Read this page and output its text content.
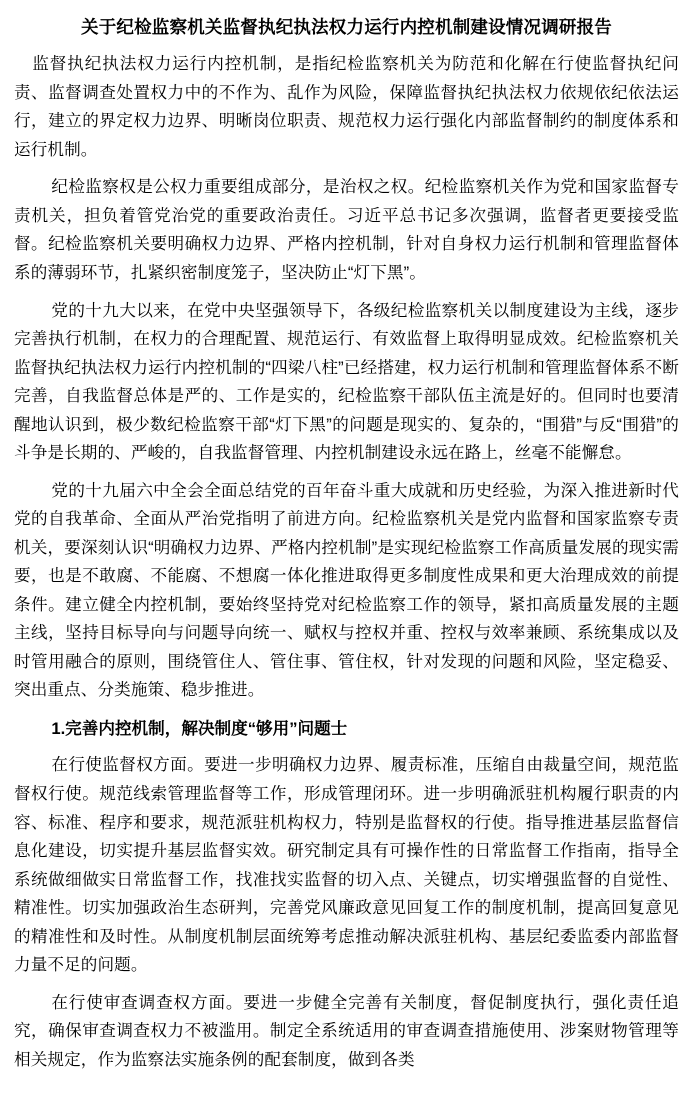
关于纪检监察机关监督执纪执法权力运行内控机制建设情况调研报告

监督执纪执法权力运行内控机制，是指纪检监察机关为防范和化解在行使监督执纪问责、监督调查处置权力中的不作为、乱作为风险，保障监督执纪执法权力依规依纪依法运行，建立的界定权力边界、明晰岗位职责、规范权力运行强化内部监督制约的制度体系和运行机制。

纪检监察权是公权力重要组成部分，是治权之权。纪检监察机关作为党和国家监督专责机关，担负着管党治党的重要政治责任。习近平总书记多次强调，监督者更要接受监督。纪检监察机关要明确权力边界、严格内控机制，针对自身权力运行机制和管理监督体系的薄弱环节，扎紧织密制度笼子，坚决防止“灯下黑”。

党的十九大以来，在党中央坚强领导下，各级纪检监察机关以制度建设为主线，逐步完善执行机制，在权力的合理配置、规范运行、有效监督上取得明显成效。纪检监察机关监督执纪执法权力运行内控机制的“四梁八柱”已经搭建，权力运行机制和管理监督体系不断完善，自我监督总体是严的、工作是实的，纪检监察干部队伍主流是好的。但同时也要清醒地认识到，极少数纪检监察干部“灯下黑”的问题是现实的、复杂的，“围猎”与反“围猎”的斗争是长期的、严峻的，自我监督管理、内控机制建设永远在路上，丝毫不能懈怠。

党的十九届六中全会全面总结党的百年奋斗重大成就和历史经验，为深入推进新时代党的自我革命、全面从严治党指明了前进方向。纪检监察机关是党内监督和国家监察专责机关，要深刻认识“明确权力边界、严格内控机制”是实现纪检监察工作高质量发展的现实需要，也是不敢腐、不能腐、不想腐一体化推进取得更多制度性成果和更大治理成效的前提条件。建立健全内控机制，要始终坚持党对纪检监察工作的领导，紧扣高质量发展的主题主线，坚持目标导向与问题导向统一、赋权与控权并重、控权与效率兼顾、系统集成以及时管用融合的原则，围绕管住人、管住事、管住权，针对发现的问题和风险，坚定稳妥、突出重点、分类施策、稳步推进。

1.完善内控机制，解决制度“够用”问题士

在行使监督权方面。要进一步明确权力边界、履责标准，压缩自由裁量空间，规范监督权行使。规范线索管理监督等工作，形成管理闭环。进一步明确派驻机构履行职责的内容、标准、程序和要求，规范派驻机构权力，特别是监督权的行使。指导推进基层监督信息化建设，切实提升基层监督实效。研究制定具有可操作性的日常监督工作指南，指导全系统做细做实日常监督工作，找准找实监督的切入点、关键点，切实增强监督的自觉性、精准性。切实加强政治生态研判，完善党风廉政意见回复工作的制度机制，提高回复意见的精准性和及时性。从制度机制层面统筹考虑推动解决派驻机构、基层纪委监委内部监督力量不足的问题。

在行使审查调查权方面。要进一步健全完善有关制度，督促制度执行，强化责任追究，确保审查调查权力不被滥用。制定全系统适用的审查调查措施使用、涉案财物管理等相关规定，作为监察法实施条例的配套制度，做到各类
